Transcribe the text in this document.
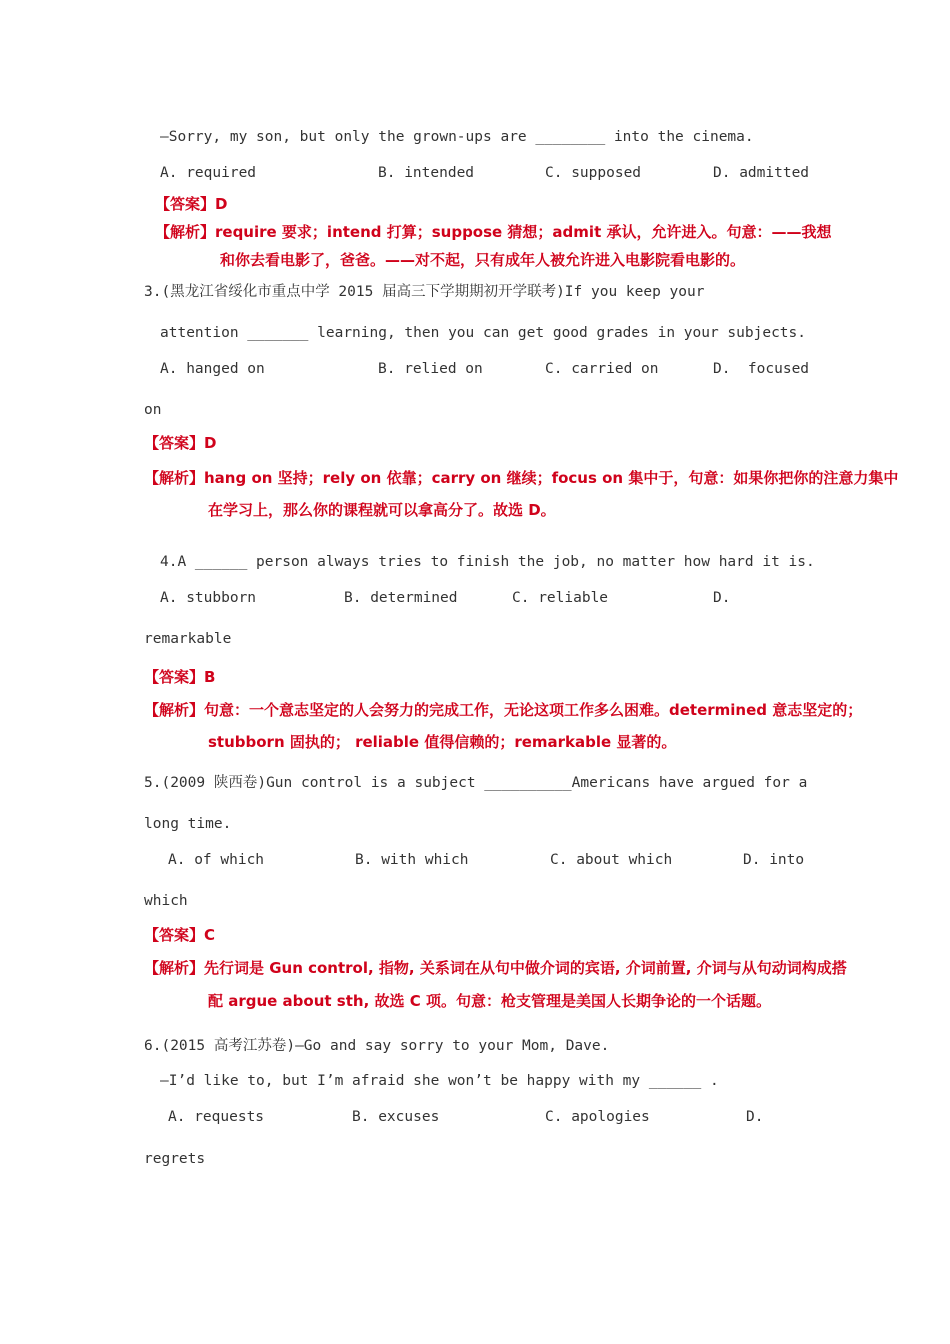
—Sorry, my son, but only the grown-ups are ________ into the cinema.
A. required	B. intended	C. supposed	D. admitted
【答案】D
【解析】require 要求；intend 打算；suppose 猜想；admit 承认，允许进入。句意：——我想
和你去看电影了，爸爸。——对不起，只有成年人被允许进入电影院看电影的。
3.(黑龙江省绥化市重点中学 2015 届高三下学期期初开学联考)If you keep your
attention _______ learning, then you can get good grades in your subjects.
A. hanged on	B. relied on	C. carried on	D.  focused
on
【答案】D
【解析】hang on 坚持；rely on 依靠；carry on 继续；focus on 集中于，句意：如果你把你的注意力集中
在学习上，那么你的课程就可以拿高分了。故选 D。
4.A ______ person always tries to finish the job, no matter how hard it is.
A. stubborn	B. determined	C. reliable	D.
remarkable
【答案】B
【解析】句意：一个意志坚定的人会努力的完成工作，无论这项工作多么困难。determined 意志坚定的；
stubborn 固执的； reliable 值得信赖的；remarkable 显著的。
5.(2009 陕西卷)Gun control is a subject __________Americans have argued for a
long time.
A. of which	B. with which	C. about which	D. into
which
【答案】C
【解析】先行词是 Gun control, 指物, 关系词在从句中做介词的宾语, 介词前置, 介词与从句动词构成搭
配 argue about sth, 故选 C 项。句意：枪支管理是美国人长期争论的一个话题。
6.(2015 高考江苏卷)—Go and say sorry to your Mom, Dave.
—I’d like to, but I’m afraid she won’t be happy with my ______ .
A. requests	B. excuses	C. apologies	D.
regrets
